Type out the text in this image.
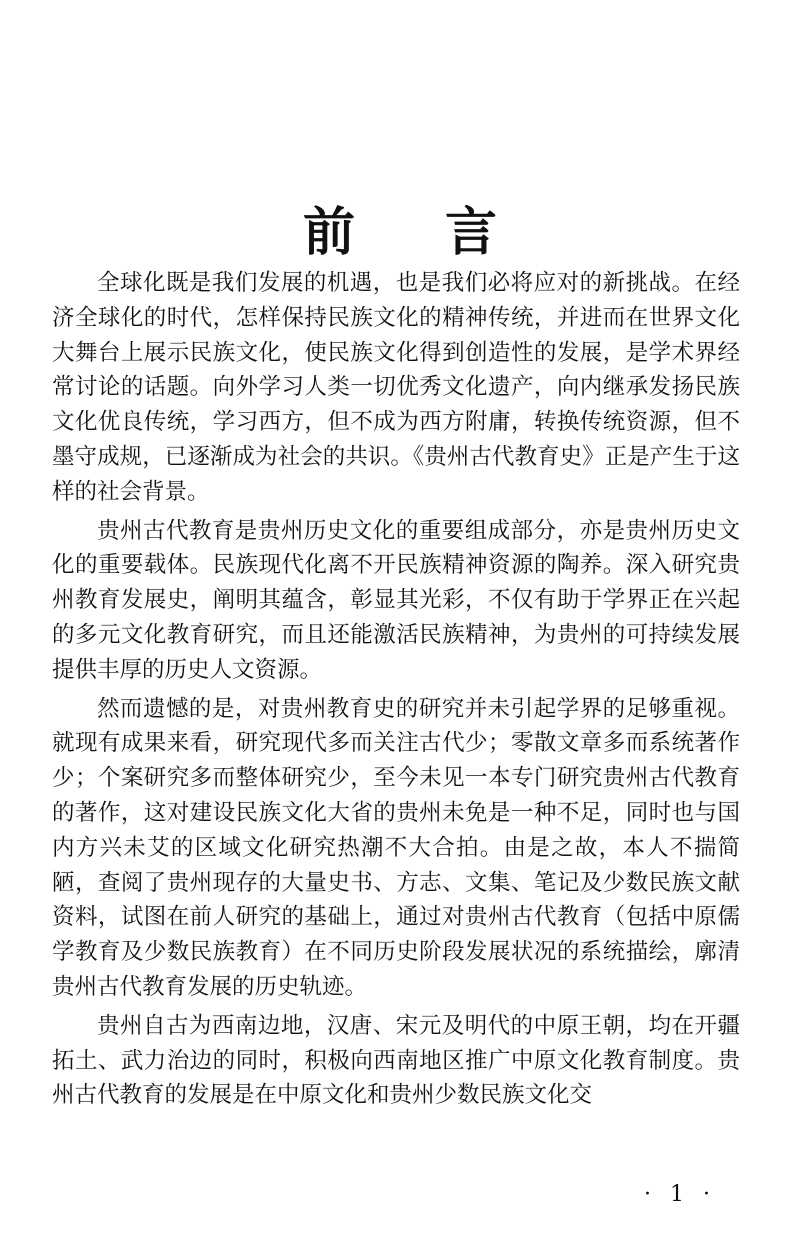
前言

全球化既是我们发展的机遇，也是我们必将应对的新挑战。在经济全球化的时代，怎样保持民族文化的精神传统，并进而在世界文化大舞台上展示民族文化，使民族文化得到创造性的发展，是学术界经常讨论的话题。向外学习人类一切优秀文化遗产，向内继承发扬民族文化优良传统，学习西方，但不成为西方附庸，转换传统资源，但不墨守成规，已逐渐成为社会的共识。《贵州古代教育史》正是产生于这样的社会背景。

贵州古代教育是贵州历史文化的重要组成部分，亦是贵州历史文化的重要载体。民族现代化离不开民族精神资源的陶养。深入研究贵州教育发展史，阐明其蕴含，彰显其光彩，不仅有助于学界正在兴起的多元文化教育研究，而且还能激活民族精神，为贵州的可持续发展提供丰厚的历史人文资源。

然而遗憾的是，对贵州教育史的研究并未引起学界的足够重视。就现有成果来看，研究现代多而关注古代少；零散文章多而系统著作少；个案研究多而整体研究少，至今未见一本专门研究贵州古代教育的著作，这对建设民族文化大省的贵州未免是一种不足，同时也与国内方兴未艾的区域文化研究热潮不大合拍。由是之故，本人不揣简陋，查阅了贵州现存的大量史书、方志、文集、笔记及少数民族文献资料，试图在前人研究的基础上，通过对贵州古代教育（包括中原儒学教育及少数民族教育）在不同历史阶段发展状况的系统描绘，廓清贵州古代教育发展的历史轨迹。

贵州自古为西南边地，汉唐、宋元及明代的中原王朝，均在开疆拓土、武力治边的同时，积极向西南地区推广中原文化教育制度。贵州古代教育的发展是在中原文化和贵州少数民族文化交

· 1 ·
